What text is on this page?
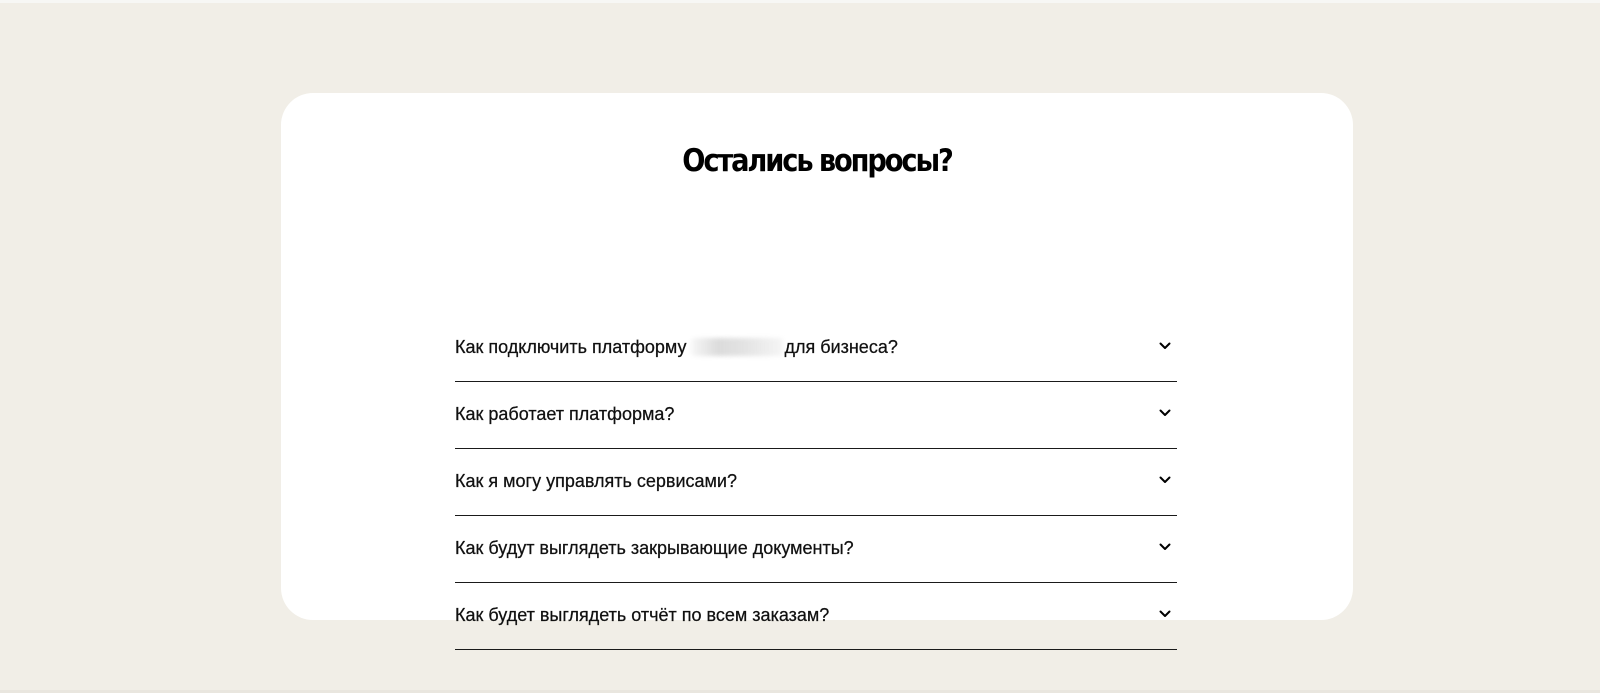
Остались вопросы?
Как подключить платформу	для бизнеса?
Как работает платформа?
Как я могу управлять сервисами?
Как будут выглядеть закрывающие документы?
Как будет выглядеть отчёт по всем заказам?
